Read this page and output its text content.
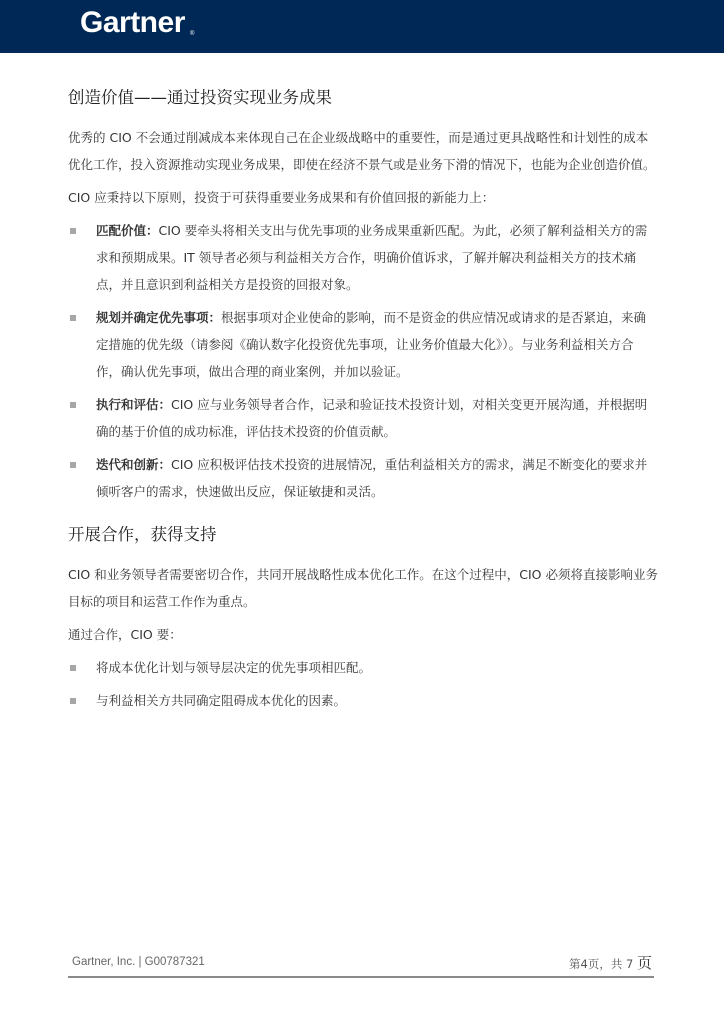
Gartner ®
创造价值——通过投资实现业务成果

优秀的 CIO 不会通过削减成本来体现自己在企业级战略中的重要性，而是通过更具战略性和计划性的成本优化工作，投入资源推动实现业务成果，即使在经济不景气或是业务下滑的情况下，也能为企业创造价值。

CIO 应秉持以下原则，投资于可获得重要业务成果和有价值回报的新能力上：

匹配价值：CIO 要牵头将相关支出与优先事项的业务成果重新匹配。为此，必须了解利益相关方的需求和预期成果。IT 领导者必须与利益相关方合作，明确价值诉求，了解并解决利益相关方的技术痛点，并且意识到利益相关方是投资的回报对象。
规划并确定优先事项：根据事项对企业使命的影响，而不是资金的供应情况或请求的是否紧迫，来确定措施的优先级（请参阅《确认数字化投资优先事项，让业务价值最大化》）。与业务利益相关方合作，确认优先事项，做出合理的商业案例，并加以验证。
执行和评估：CIO 应与业务领导者合作，记录和验证技术投资计划，对相关变更开展沟通，并根据明确的基于价值的成功标准，评估技术投资的价值贡献。
迭代和创新：CIO 应积极评估技术投资的进展情况，重估利益相关方的需求，满足不断变化的要求并倾听客户的需求，快速做出反应，保证敏捷和灵活。
开展合作，获得支持

CIO 和业务领导者需要密切合作，共同开展战略性成本优化工作。在这个过程中，CIO 必须将直接影响业务目标的项目和运营工作作为重点。

通过合作，CIO 要：

将成本优化计划与领导层决定的优先事项相匹配。
与利益相关方共同确定阻碍成本优化的因素。
Gartner, Inc. | G00787321	第4页，共 7 页
